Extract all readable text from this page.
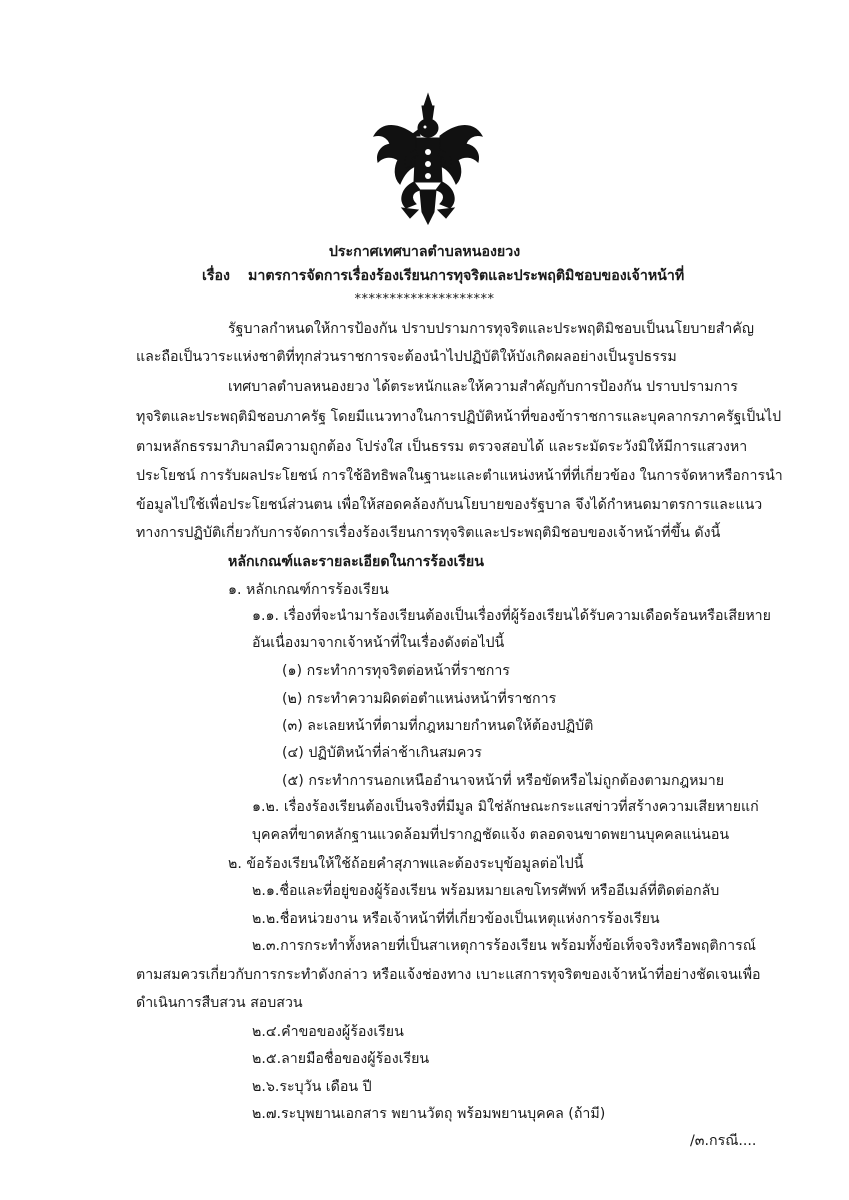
ประกาศเทศบาลตำบลหนองยวง
เรื่อง มาตรการจัดการเรื่องร้องเรียนการทุจริตและประพฤติมิชอบของเจ้าหน้าที่
********************
รัฐบาลกำหนดให้การป้องกัน ปราบปรามการทุจริตและประพฤติมิชอบเป็นนโยบายสำคัญ
และถือเป็นวาระแห่งชาติที่ทุกส่วนราชการจะต้องนำไปปฏิบัติให้บังเกิดผลอย่างเป็นรูปธรรม
เทศบาลตำบลหนองยวง ได้ตระหนักและให้ความสำคัญกับการป้องกัน ปราบปรามการ
ทุจริตและประพฤติมิชอบภาครัฐ โดยมีแนวทางในการปฏิบัติหน้าที่ของข้าราชการและบุคลากรภาครัฐเป็นไป
ตามหลักธรรมาภิบาลมีความถูกต้อง โปร่งใส เป็นธรรม ตรวจสอบได้ และระมัดระวังมิให้มีการแสวงหา
ประโยชน์ การรับผลประโยชน์ การใช้อิทธิพลในฐานะและตำแหน่งหน้าที่ที่เกี่ยวข้อง ในการจัดหาหรือการนำ
ข้อมูลไปใช้เพื่อประโยชน์ส่วนตน เพื่อให้สอดคล้องกับนโยบายของรัฐบาล จึงได้กำหนดมาตรการและแนว
ทางการปฏิบัติเกี่ยวกับการจัดการเรื่องร้องเรียนการทุจริตและประพฤติมิชอบของเจ้าหน้าที่ขึ้น ดังนี้
หลักเกณฑ์และรายละเอียดในการร้องเรียน
๑. หลักเกณฑ์การร้องเรียน
๑.๑. เรื่องที่จะนำมาร้องเรียนต้องเป็นเรื่องที่ผู้ร้องเรียนได้รับความเดือดร้อนหรือเสียหาย
อันเนื่องมาจากเจ้าหน้าที่ในเรื่องดังต่อไปนี้
(๑) กระทำการทุจริตต่อหน้าที่ราชการ
(๒) กระทำความผิดต่อตำแหน่งหน้าที่ราชการ
(๓) ละเลยหน้าที่ตามที่กฎหมายกำหนดให้ต้องปฏิบัติ
(๔) ปฏิบัติหน้าที่ล่าช้าเกินสมควร
(๕) กระทำการนอกเหนืออำนาจหน้าที่ หรือขัดหรือไม่ถูกต้องตามกฎหมาย
๑.๒. เรื่องร้องเรียนต้องเป็นจริงที่มีมูล มิใช่ลักษณะกระแสข่าวที่สร้างความเสียหายแก่
บุคคลที่ขาดหลักฐานแวดล้อมที่ปรากฏชัดแจ้ง ตลอดจนขาดพยานบุคคลแน่นอน
๒. ข้อร้องเรียนให้ใช้ถ้อยคำสุภาพและต้องระบุข้อมูลต่อไปนี้
๒.๑.ชื่อและที่อยู่ของผู้ร้องเรียน พร้อมหมายเลขโทรศัพท์ หรืออีเมล์ที่ติดต่อกลับ
๒.๒.ชื่อหน่วยงาน หรือเจ้าหน้าที่ที่เกี่ยวข้องเป็นเหตุแห่งการร้องเรียน
๒.๓.การกระทำทั้งหลายที่เป็นสาเหตุการร้องเรียน พร้อมทั้งข้อเท็จจริงหรือพฤติการณ์
ตามสมควรเกี่ยวกับการกระทำดังกล่าว หรือแจ้งช่องทาง เบาะแสการทุจริตของเจ้าหน้าที่อย่างชัดเจนเพื่อ
ดำเนินการสืบสวน สอบสวน
๒.๔.คำขอของผู้ร้องเรียน
๒.๕.ลายมือชื่อของผู้ร้องเรียน
๒.๖.ระบุวัน เดือน ปี
๒.๗.ระบุพยานเอกสาร พยานวัตถุ พร้อมพยานบุคคล (ถ้ามี)
/๓.กรณี....
